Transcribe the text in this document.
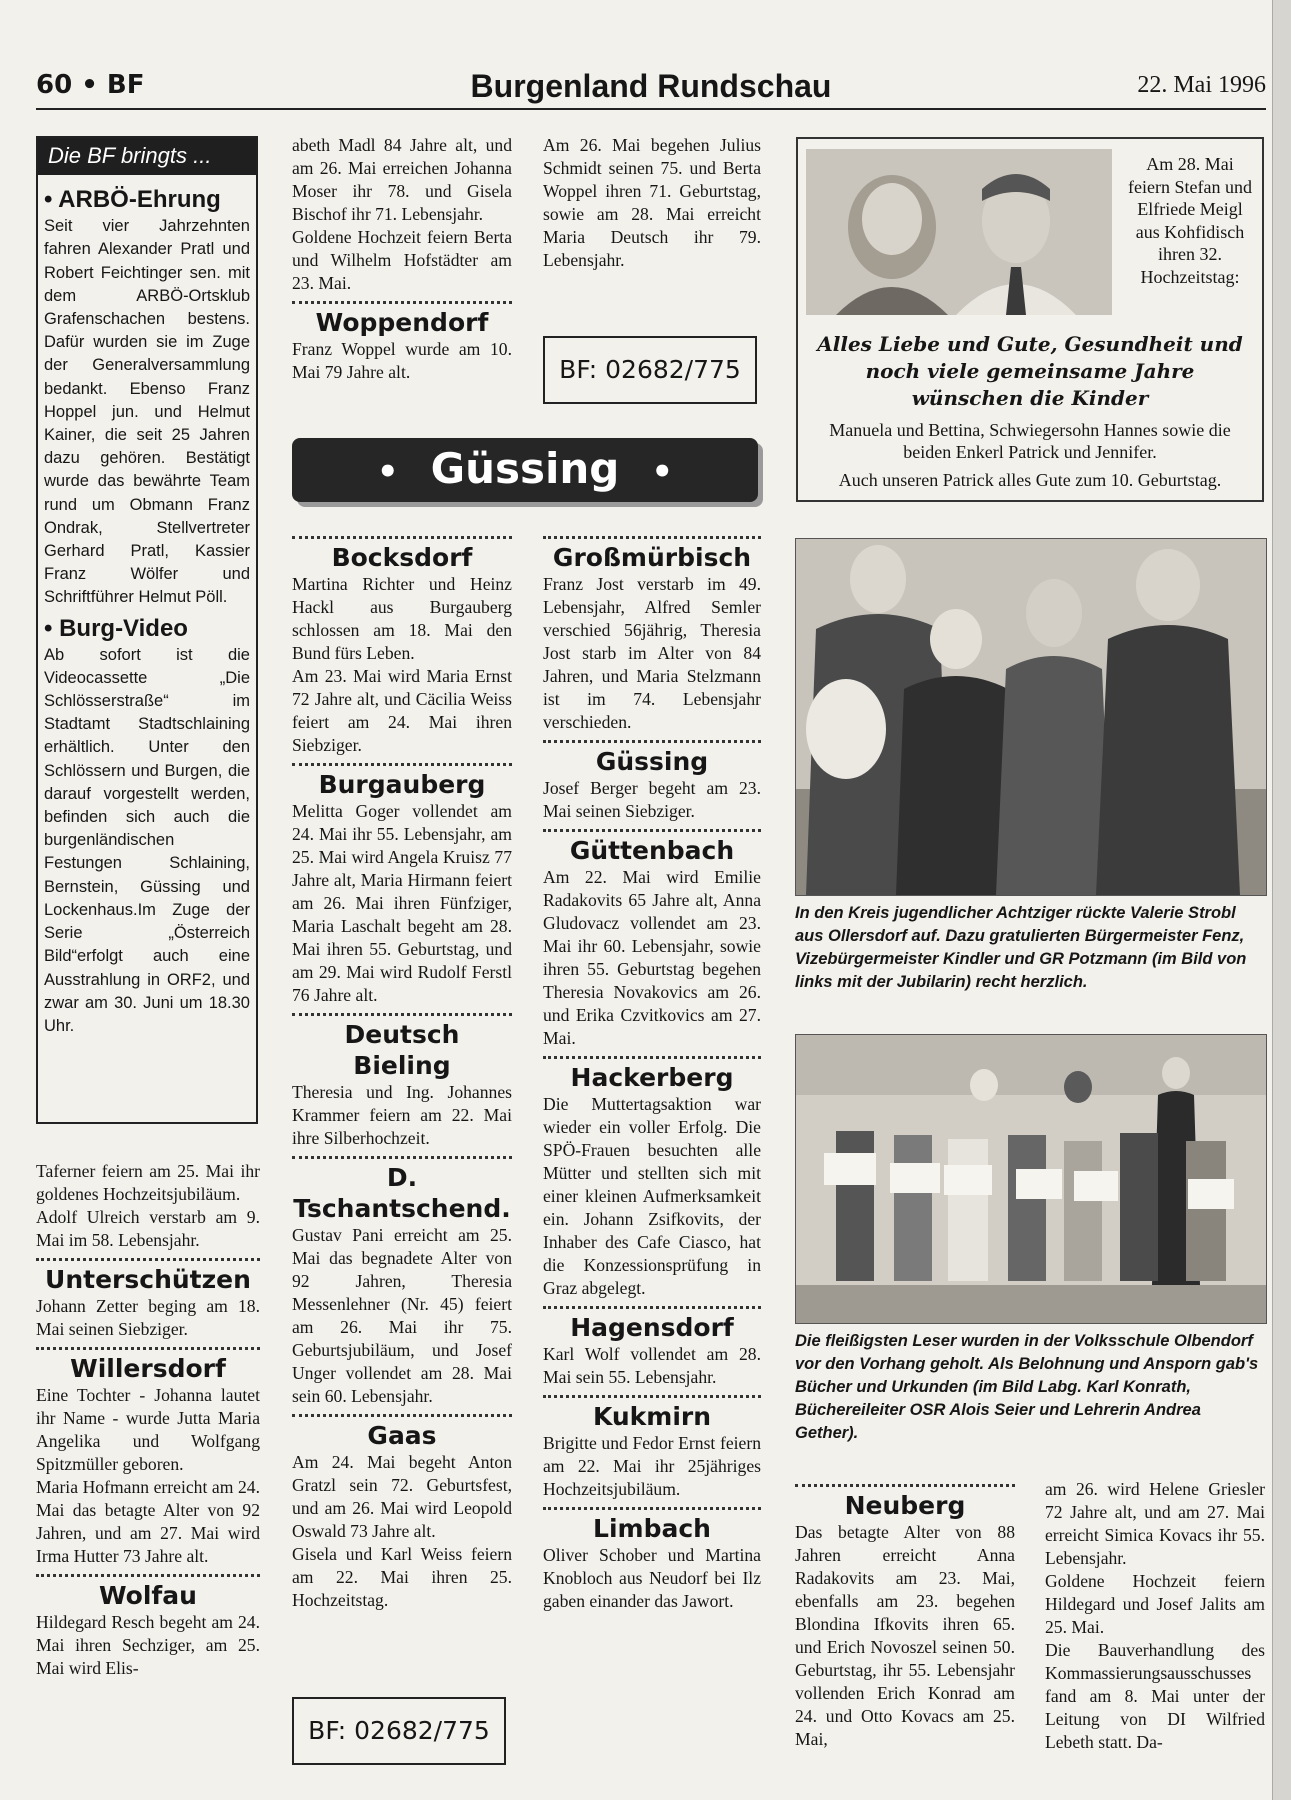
60 • BF	Burgenland Rundschau	22. Mai 1996
Die BF bringts ...
• ARBÖ-Ehrung

Seit vier Jahrzehnten fahren Alexander Pratl und Robert Feichtinger sen. mit dem ARBÖ-Ortsklub Grafenschachen bestens. Dafür wurden sie im Zuge der Generalversammlung bedankt. Ebenso Franz Hoppel jun. und Helmut Kainer, die seit 25 Jahren dazu gehören. Bestätigt wurde das bewährte Team rund um Obmann Franz Ondrak, Stellvertreter Gerhard Pratl, Kassier Franz Wölfer und Schriftführer Helmut Pöll.

• Burg-Video

Ab sofort ist die Videocassette „Die Schlösserstraße“ im Stadtamt Stadtschlaining erhältlich. Unter den Schlössern und Burgen, die darauf vorgestellt werden, befinden sich auch die burgenländischen Festungen Schlaining, Bernstein, Güssing und Lockenhaus.Im Zuge der Serie „Österreich Bild“erfolgt auch eine Ausstrahlung in ORF2, und zwar am 30. Juni um 18.30 Uhr.

Taferner feiern am 25. Mai ihr goldenes Hochzeitsjubiläum.

Adolf Ulreich verstarb am 9. Mai im 58. Lebensjahr.

Unterschützen

Johann Zetter beging am 18. Mai seinen Siebziger.

Willersdorf

Eine Tochter - Johanna lautet ihr Name - wurde Jutta Maria Angelika und Wolfgang Spitzmüller geboren.

Maria Hofmann erreicht am 24. Mai das betagte Alter von 92 Jahren, und am 27. Mai wird Irma Hutter 73 Jahre alt.

Wolfau

Hildegard Resch begeht am 24. Mai ihren Sechziger, am 25. Mai wird Elis-

abeth Madl 84 Jahre alt, und am 26. Mai erreichen Johanna Moser ihr 78. und Gisela Bischof ihr 71. Lebensjahr.

Goldene Hochzeit feiern Berta und Wilhelm Hofstädter am 23. Mai.

Woppendorf

Franz Woppel wurde am 10. Mai 79 Jahre alt.

Am 26. Mai begehen Julius Schmidt seinen 75. und Berta Woppel ihren 71. Geburtstag, sowie am 28. Mai erreicht Maria Deutsch ihr 79. Lebensjahr.

BF: 02682/775
• Güssing •
Bocksdorf

Martina Richter und Heinz Hackl aus Burgauberg schlossen am 18. Mai den Bund fürs Leben.

Am 23. Mai wird Maria Ernst 72 Jahre alt, und Cäcilia Weiss feiert am 24. Mai ihren Siebziger.

Burgauberg

Melitta Goger vollendet am 24. Mai ihr 55. Lebensjahr, am 25. Mai wird Angela Kruisz 77 Jahre alt, Maria Hirmann feiert am 26. Mai ihren Fünfziger, Maria Laschalt begeht am 28. Mai ihren 55. Geburtstag, und am 29. Mai wird Rudolf Ferstl 76 Jahre alt.

Deutsch Bieling

Theresia und Ing. Johannes Krammer feiern am 22. Mai ihre Silberhochzeit.

D. Tschantschend.

Gustav Pani erreicht am 25. Mai das begnadete Alter von 92 Jahren, Theresia Messenlehner (Nr. 45) feiert am 26. Mai ihr 75. Geburtsjubiläum, und Josef Unger vollendet am 28. Mai sein 60. Lebensjahr.

Gaas

Am 24. Mai begeht Anton Gratzl sein 72. Geburtsfest, und am 26. Mai wird Leopold Oswald 73 Jahre alt.

Gisela und Karl Weiss feiern am 22. Mai ihren 25. Hochzeitstag.

BF: 02682/775
Großmürbisch

Franz Jost verstarb im 49. Lebensjahr, Alfred Semler verschied 56jährig, Theresia Jost starb im Alter von 84 Jahren, und Maria Stelzmann ist im 74. Lebensjahr verschieden.

Güssing

Josef Berger begeht am 23. Mai seinen Siebziger.

Güttenbach

Am 22. Mai wird Emilie Radakovits 65 Jahre alt, Anna Gludovacz vollendet am 23. Mai ihr 60. Lebensjahr, sowie ihren 55. Geburtstag begehen Theresia Novakovics am 26. und Erika Czvitkovics am 27. Mai.

Hackerberg

Die Muttertagsaktion war wieder ein voller Erfolg. Die SPÖ-Frauen besuchten alle Mütter und stellten sich mit einer kleinen Aufmerksamkeit ein. Johann Zsifkovits, der Inhaber des Cafe Ciasco, hat die Konzessionsprüfung in Graz abgelegt.

Hagensdorf

Karl Wolf vollendet am 28. Mai sein 55. Lebensjahr.

Kukmirn

Brigitte und Fedor Ernst feiern am 22. Mai ihr 25jähriges Hochzeitsjubiläum.

Limbach

Oliver Schober und Martina Knobloch aus Neudorf bei Ilz gaben einander das Jawort.

Am 28. Mai feiern Stefan und Elfriede Meigl aus Kohfidisch ihren 32. Hochzeitstag:
Alles Liebe und Gute, Gesundheit und noch viele gemeinsame Jahre wünschen die Kinder
Manuela und Bettina, Schwiegersohn Hannes sowie die beiden Enkerl Patrick und Jennifer.
Auch unseren Patrick alles Gute zum 10. Geburtstag.
In den Kreis jugendlicher Achtziger rückte Valerie Strobl aus Ollersdorf auf. Dazu gratulierten Bürgermeister Fenz, Vizebürgermeister Kindler und GR Potzmann (im Bild von links mit der Jubilarin) recht herzlich.
Die fleißigsten Leser wurden in der Volksschule Olbendorf vor den Vorhang geholt. Als Belohnung und Ansporn gab's Bücher und Urkunden (im Bild Labg. Karl Konrath, Büchereileiter OSR Alois Seier und Lehrerin Andrea Gether).
Neuberg

Das betagte Alter von 88 Jahren erreicht Anna Radakovits am 23. Mai, ebenfalls am 23. begehen Blondina Ifkovits ihren 65. und Erich Novoszel seinen 50. Geburtstag, ihr 55. Lebensjahr vollenden Erich Konrad am 24. und Otto Kovacs am 25. Mai,

am 26. wird Helene Griesler 72 Jahre alt, und am 27. Mai erreicht Simica Kovacs ihr 55. Lebensjahr.

Goldene Hochzeit feiern Hildegard und Josef Jalits am 25. Mai.

Die Bauverhandlung des Kommassierungsausschusses fand am 8. Mai unter der Leitung von DI Wilfried Lebeth statt. Da-
